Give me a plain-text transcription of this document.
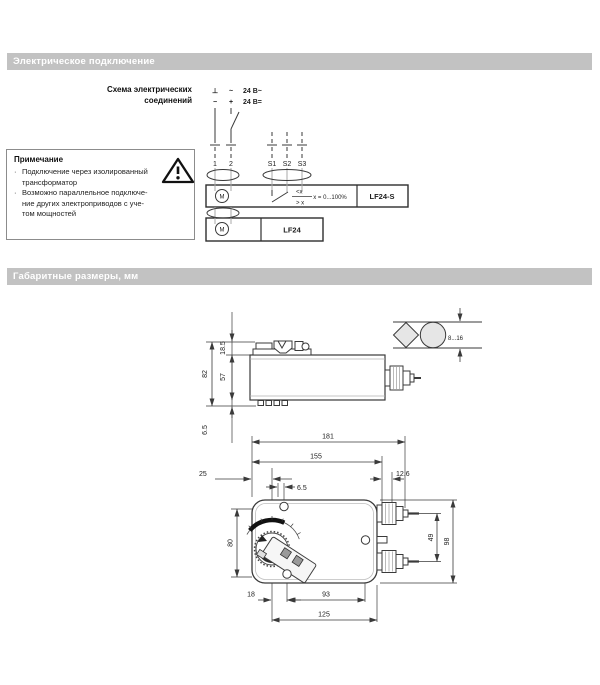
Электрическое подключение
Схема электрических
соединений
Примечание
· Подключение через изолированный
трансформатор
· Возможно параллельное подключе-
ние других электроприводов с уче-
том мощностей
Габаритные размеры, мм
⊥ ~ 24 В~
− + 24 В=
1 2	S1 S2 S3
M
M
<x
> x
x = 0...100%	LF24-S
LF24
82
18.5
57
6.5
8...16
181
155
25
6.5
12.6
80
49
98
18	93
125
